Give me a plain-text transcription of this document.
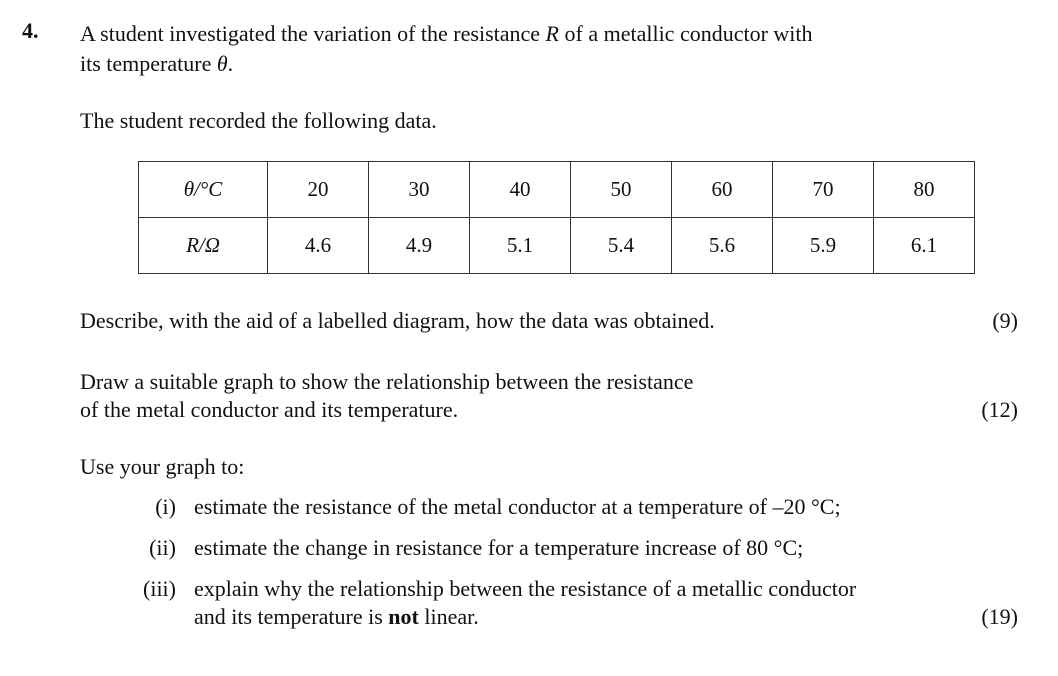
4. A student investigated the variation of the resistance R of a metallic conductor with
its temperature θ.
The student recorded the following data.
θ/°C	20	30	40	50	60	70	80
R/Ω	4.6	4.9	5.1	5.4	5.6	5.9	6.1
Describe, with the aid of a labelled diagram, how the data was obtained.	(9)
Draw a suitable graph to show the relationship between the resistance
of the metal conductor and its temperature.	(12)
Use your graph to:
(i) estimate the resistance of the metal conductor at a temperature of –20 °C;
(ii) estimate the change in resistance for a temperature increase of 80 °C;
(iii) explain why the relationship between the resistance of a metallic conductor
and its temperature is not linear.	(19)
